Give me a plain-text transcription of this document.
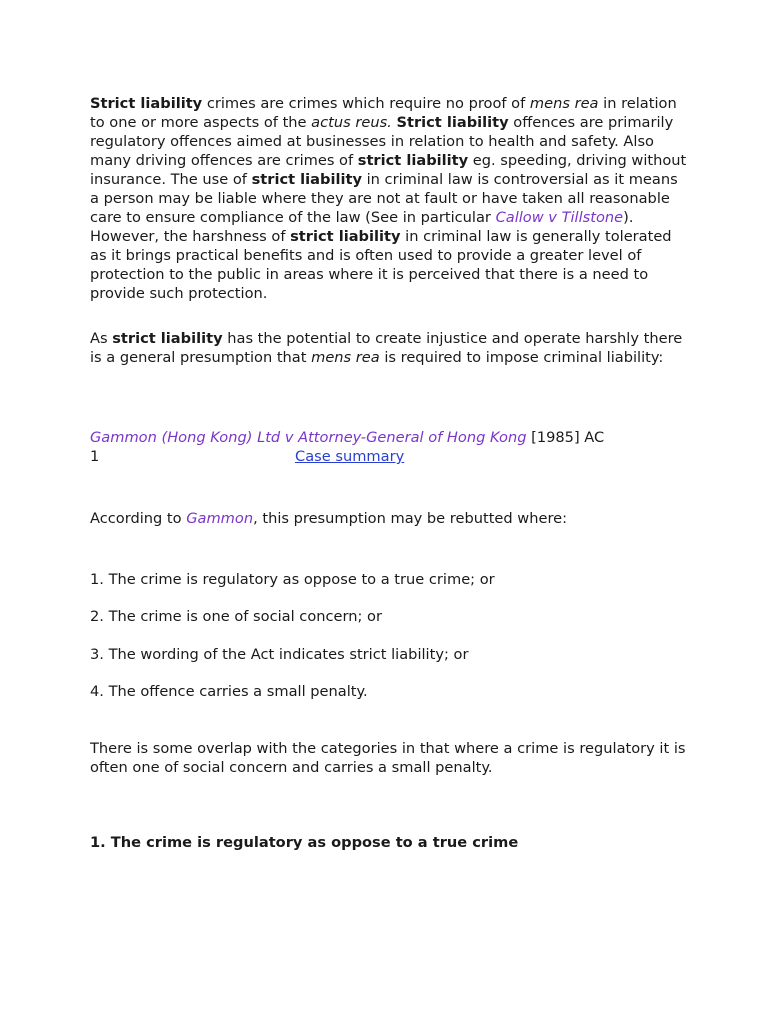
Strict liability crimes are crimes which require no proof of mens rea in relation to one or more aspects of the actus reus. Strict liability offences are primarily regulatory offences aimed at businesses in relation to health and safety. Also many driving offences are crimes of strict liability eg. speeding, driving without insurance. The use of strict liability in criminal law is controversial as it means a person may be liable where they are not at fault or have taken all reasonable care to ensure compliance of the law (See in particular Callow v Tillstone). However, the harshness of strict liability in criminal law is generally tolerated as it brings practical benefits and is often used to provide a greater level of protection to the public in areas where it is perceived that there is a need to provide such protection.

As strict liability has the potential to create injustice and operate harshly there is a general presumption that mens rea is required to impose criminal liability:

Gammon (Hong Kong) Ltd v Attorney-General of Hong Kong [1985] AC
1	Case summary

According to Gammon, this presumption may be rebutted where:

1. The crime is regulatory as oppose to a true crime; or
2. The crime is one of social concern; or
3. The wording of the Act indicates strict liability; or
4. The offence carries a small penalty.

There is some overlap with the categories in that where a crime is regulatory it is often one of social concern and carries a small penalty.

1. The crime is regulatory as oppose to a true crime
